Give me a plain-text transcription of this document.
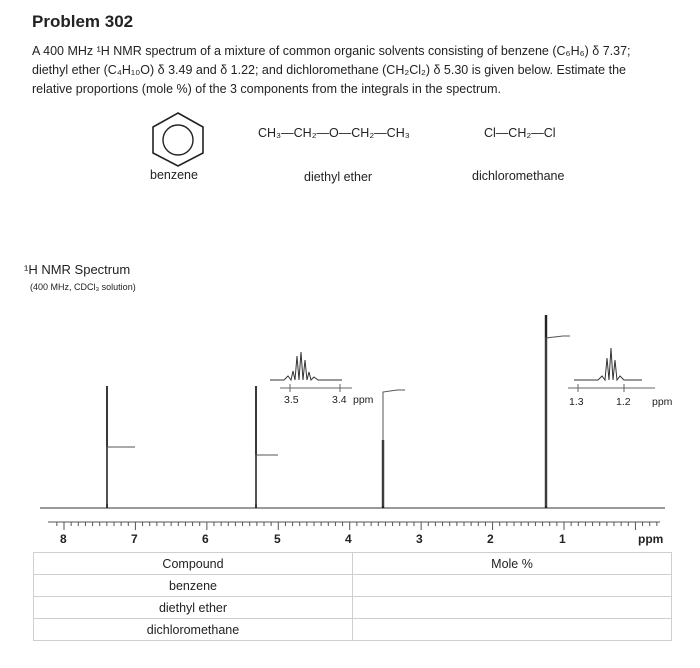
Problem 302
A 400 MHz ¹H NMR spectrum of a mixture of common organic solvents consisting of benzene (C₆H₆) δ 7.37;
diethyl ether (C₄H₁₀O) δ 3.49 and δ 1.22; and dichloromethane (CH₂Cl₂) δ 5.30 is given below. Estimate the
relative proportions (mole %) of the 3 components from the integrals in the spectrum.
benzene
CH₃—CH₂—O—CH₂—CH₃
diethyl ether
Cl—CH₂—Cl
dichloromethane
¹H NMR Spectrum
(400 MHz, CDCl₃ solution)
3.5	3.4 ppm	1.3	1.2 ppm
8	7	6	5	4	3	2	1	ppm
Compound	Mole %
benzene	
diethyl ether	
dichloromethane	
